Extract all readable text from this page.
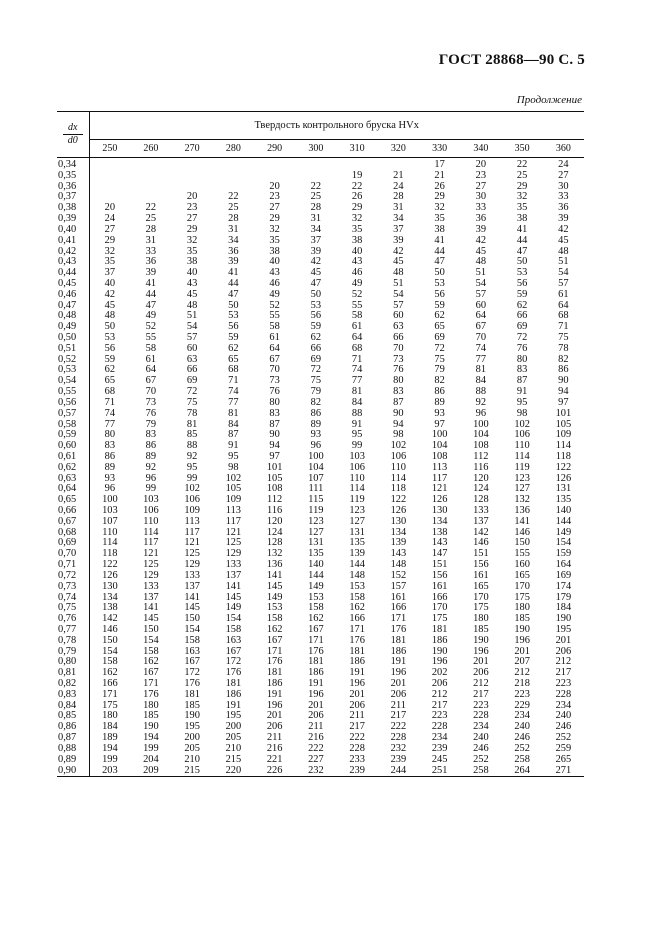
ГОСТ 28868—90 С. 5
Продолжение
dх
d0	Твердость контрольного бруска HVх											
	250	260	270	280	290	300	310	320	330	340	350	360
0,34									17	20	22	24
0,35							19	21	21	23	25	27
0,36					20	22	22	24	26	27	29	30
0,37			20	22	23	25	26	28	29	30	32	33
0,38	20	22	23	25	27	28	29	31	32	33	35	36
0,39	24	25	27	28	29	31	32	34	35	36	38	39
0,40	27	28	29	31	32	34	35	37	38	39	41	42
0,41	29	31	32	34	35	37	38	39	41	42	44	45
0,42	32	33	35	36	38	39	40	42	44	45	47	48
0,43	35	36	38	39	40	42	43	45	47	48	50	51
0,44	37	39	40	41	43	45	46	48	50	51	53	54
0,45	40	41	43	44	46	47	49	51	53	54	56	57
0,46	42	44	45	47	49	50	52	54	56	57	59	61
0,47	45	47	48	50	52	53	55	57	59	60	62	64
0,48	48	49	51	53	55	56	58	60	62	64	66	68
0,49	50	52	54	56	58	59	61	63	65	67	69	71
0,50	53	55	57	59	61	62	64	66	69	70	72	75
0,51	56	58	60	62	64	66	68	70	72	74	76	78
0,52	59	61	63	65	67	69	71	73	75	77	80	82
0,53	62	64	66	68	70	72	74	76	79	81	83	86
0,54	65	67	69	71	73	75	77	80	82	84	87	90
0,55	68	70	72	74	76	79	81	83	86	88	91	94
0,56	71	73	75	77	80	82	84	87	89	92	95	97
0,57	74	76	78	81	83	86	88	90	93	96	98	101
0,58	77	79	81	84	87	89	91	94	97	100	102	105
0,59	80	83	85	87	90	93	95	98	100	104	106	109
0,60	83	86	88	91	94	96	99	102	104	108	110	114
0,61	86	89	92	95	97	100	103	106	108	112	114	118
0,62	89	92	95	98	101	104	106	110	113	116	119	122
0,63	93	96	99	102	105	107	110	114	117	120	123	126
0,64	96	99	102	105	108	111	114	118	121	124	127	131
0,65	100	103	106	109	112	115	119	122	126	128	132	135
0,66	103	106	109	113	116	119	123	126	130	133	136	140
0,67	107	110	113	117	120	123	127	130	134	137	141	144
0,68	110	114	117	121	124	127	131	134	138	142	146	149
0,69	114	117	121	125	128	131	135	139	143	146	150	154
0,70	118	121	125	129	132	135	139	143	147	151	155	159
0,71	122	125	129	133	136	140	144	148	151	156	160	164
0,72	126	129	133	137	141	144	148	152	156	161	165	169
0,73	130	133	137	141	145	149	153	157	161	165	170	174
0,74	134	137	141	145	149	153	158	161	166	170	175	179
0,75	138	141	145	149	153	158	162	166	170	175	180	184
0,76	142	145	150	154	158	162	166	171	175	180	185	190
0,77	146	150	154	158	162	167	171	176	181	185	190	195
0,78	150	154	158	163	167	171	176	181	186	190	196	201
0,79	154	158	163	167	171	176	181	186	190	196	201	206
0,80	158	162	167	172	176	181	186	191	196	201	207	212
0,81	162	167	172	176	181	186	191	196	202	206	212	217
0,82	166	171	176	181	186	191	196	201	206	212	218	223
0,83	171	176	181	186	191	196	201	206	212	217	223	228
0,84	175	180	185	191	196	201	206	211	217	223	229	234
0,85	180	185	190	195	201	206	211	217	223	228	234	240
0,86	184	190	195	200	206	211	217	222	228	234	240	246
0,87	189	194	200	205	211	216	222	228	234	240	246	252
0,88	194	199	205	210	216	222	228	232	239	246	252	259
0,89	199	204	210	215	221	227	233	239	245	252	258	265
0,90	203	209	215	220	226	232	239	244	251	258	264	271
